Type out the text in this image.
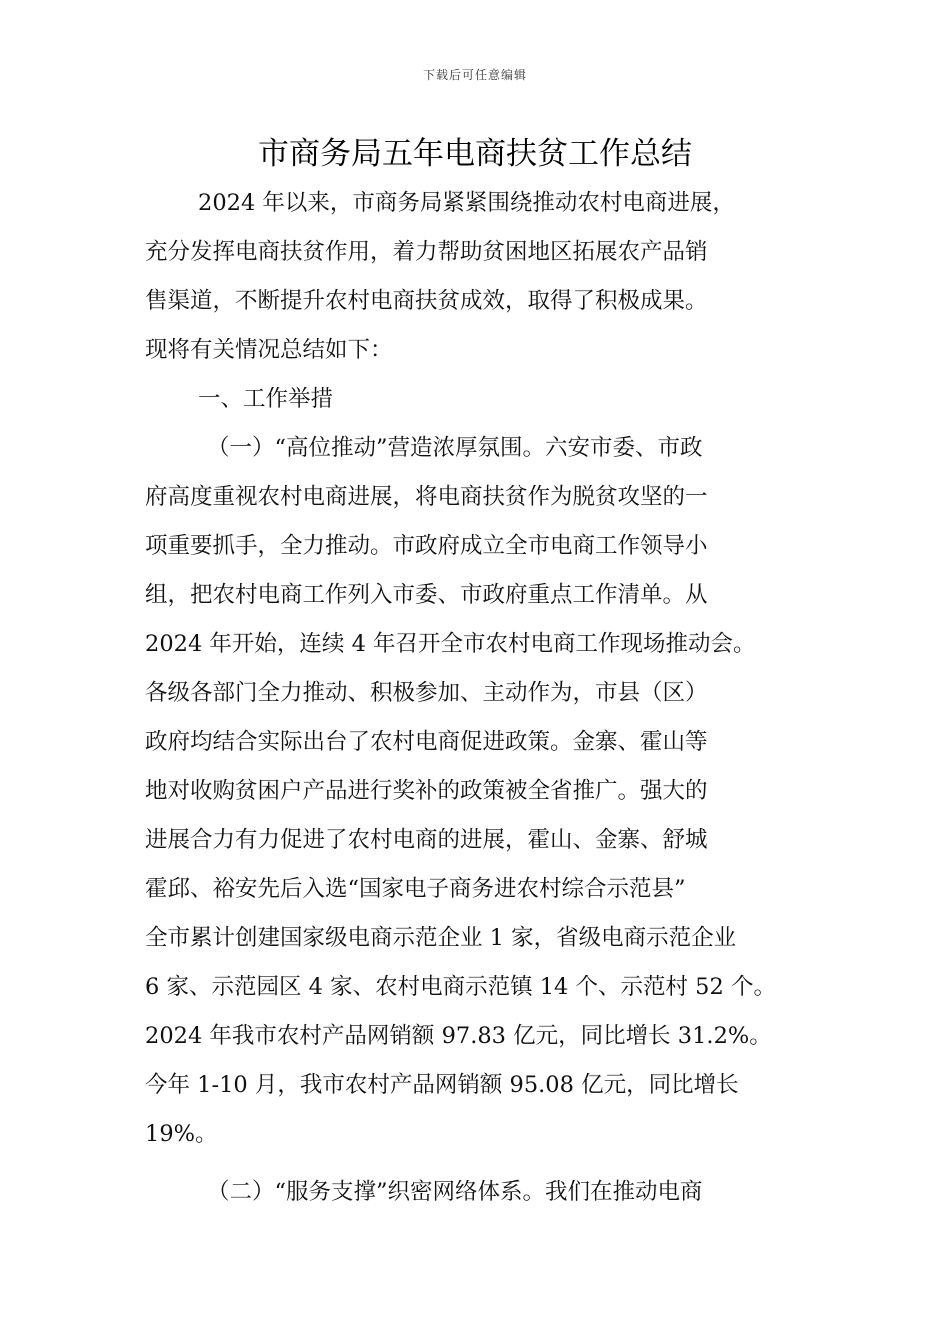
下载后可任意编辑
市商务局五年电商扶贫工作总结
2024 年以来，市商务局紧紧围绕推动农村电商进展，
充分发挥电商扶贫作用，着力帮助贫困地区拓展农产品销
售渠道，不断提升农村电商扶贫成效，取得了积极成果。
现将有关情况总结如下：
一、工作举措
（一）“高位推动”营造浓厚氛围。六安市委、市政
府高度重视农村电商进展，将电商扶贫作为脱贫攻坚的一
项重要抓手，全力推动。市政府成立全市电商工作领导小
组，把农村电商工作列入市委、市政府重点工作清单。从
2024 年开始，连续 4 年召开全市农村电商工作现场推动会。
各级各部门全力推动、积极参加、主动作为，市县（区）
政府均结合实际出台了农村电商促进政策。金寨、霍山等
地对收购贫困户产品进行奖补的政策被全省推广。强大的
进展合力有力促进了农村电商的进展，霍山、金寨、舒城
霍邱、裕安先后入选“国家电子商务进农村综合示范县”
全市累计创建国家级电商示范企业 1 家，省级电商示范企业
6 家、示范园区 4 家、农村电商示范镇 14 个、示范村 52 个。
2024 年我市农村产品网销额 97.83 亿元，同比增长 31.2%。
今年 1-10 月，我市农村产品网销额 95.08 亿元，同比增长
19%。
（二）“服务支撑”织密网络体系。我们在推动电商
